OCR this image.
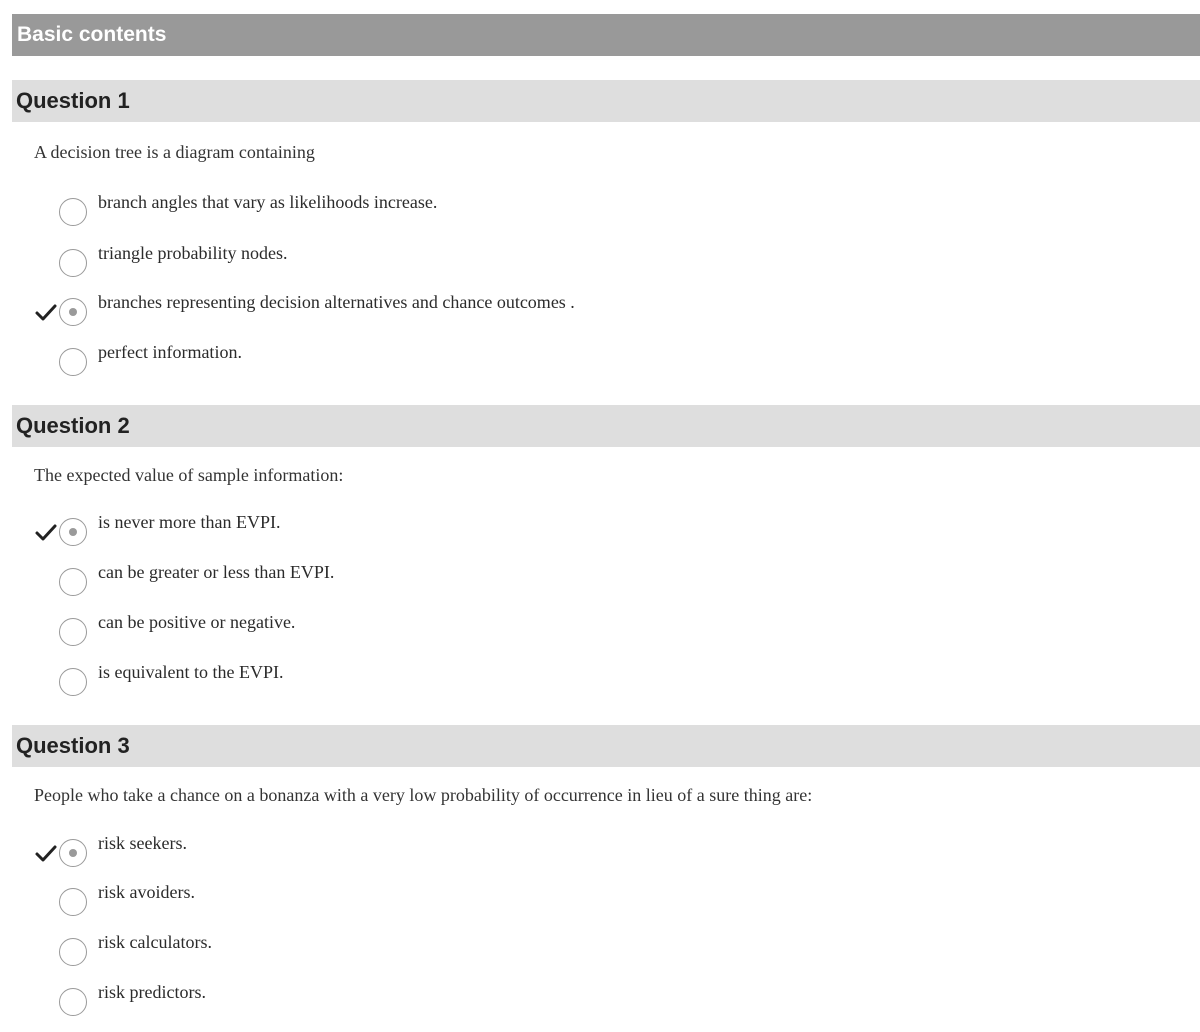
Basic contents
Question 1
A decision tree is a diagram containing
branch angles that vary as likelihoods increase.
triangle probability nodes.
branches representing decision alternatives and chance outcomes .
perfect information.
Question 2
The expected value of sample information:
is never more than EVPI.
can be greater or less than EVPI.
can be positive or negative.
is equivalent to the EVPI.
Question 3
People who take a chance on a bonanza with a very low probability of occurrence in lieu of a sure thing are:
risk seekers.
risk avoiders.
risk calculators.
risk predictors.
